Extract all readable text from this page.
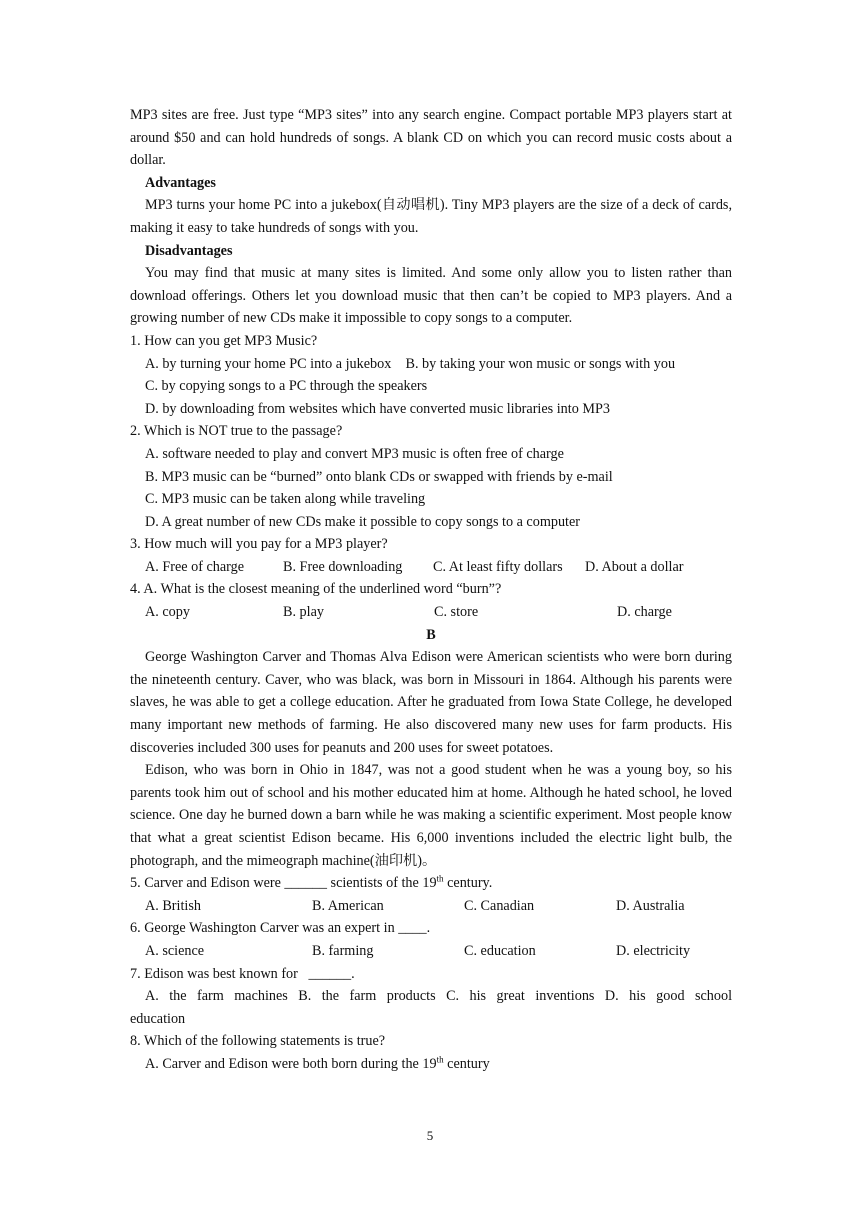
MP3 sites are free. Just type “MP3 sites” into any search engine. Compact portable MP3 players start at around $50 and can hold hundreds of songs. A blank CD on which you can record music costs about a dollar.

Advantages

MP3 turns your home PC into a jukebox(自动唱机). Tiny MP3 players are the size of a deck of cards, making it easy to take hundreds of songs with you.

Disadvantages

You may find that music at many sites is limited. And some only allow you to listen rather than download offerings. Others let you download music that then can’t be copied to MP3 players. And a growing number of new CDs make it impossible to copy songs to a computer.

1. How can you get MP3 Music?

A. by turning your home PC into a jukebox    B. by taking your won music or songs with you

C. by copying songs to a PC through the speakers

D. by downloading from websites which have converted music libraries into MP3

2. Which is NOT true to the passage?

A. software needed to play and convert MP3 music is often free of charge

B. MP3 music can be “burned” onto blank CDs or swapped with friends by e-mail

C. MP3 music can be taken along while traveling

D. A great number of new CDs make it possible to copy songs to a computer

3. How much will you pay for a MP3 player?

A. Free of charge	B. Free downloading	C. At least fifty dollars	D. About a dollar

4. A. What is the closest meaning of the underlined word “burn”?

A. copy	B. play	C. store	D. charge

B

George Washington Carver and Thomas Alva Edison were American scientists who were born during the nineteenth century. Caver, who was black, was born in Missouri in 1864. Although his parents were slaves, he was able to get a college education. After he graduated from Iowa State College, he developed many important new methods of farming. He also discovered many new uses for farm products. His discoveries included 300 uses for peanuts and 200 uses for sweet potatoes.

Edison, who was born in Ohio in 1847, was not a good student when he was a young boy, so his parents took him out of school and his mother educated him at home. Although he hated school, he loved science. One day he burned down a barn while he was making a scientific experiment. Most people know that what a great scientist Edison became. His 6,000 inventions included the electric light bulb, the photograph, and the mimeograph machine(油印机)。

5. Carver and Edison were ______ scientists of the 19th century.

A. British	B. American	C. Canadian	D. Australia

6. George Washington Carver was an expert in ____.

A. science	B. farming	C. education	D. electricity

7. Edison was best known for   ______.

A. the farm machines B. the farm products C. his great inventions D. his good school

education

8. Which of the following statements is true?

A. Carver and Edison were both born during the 19th century

5
